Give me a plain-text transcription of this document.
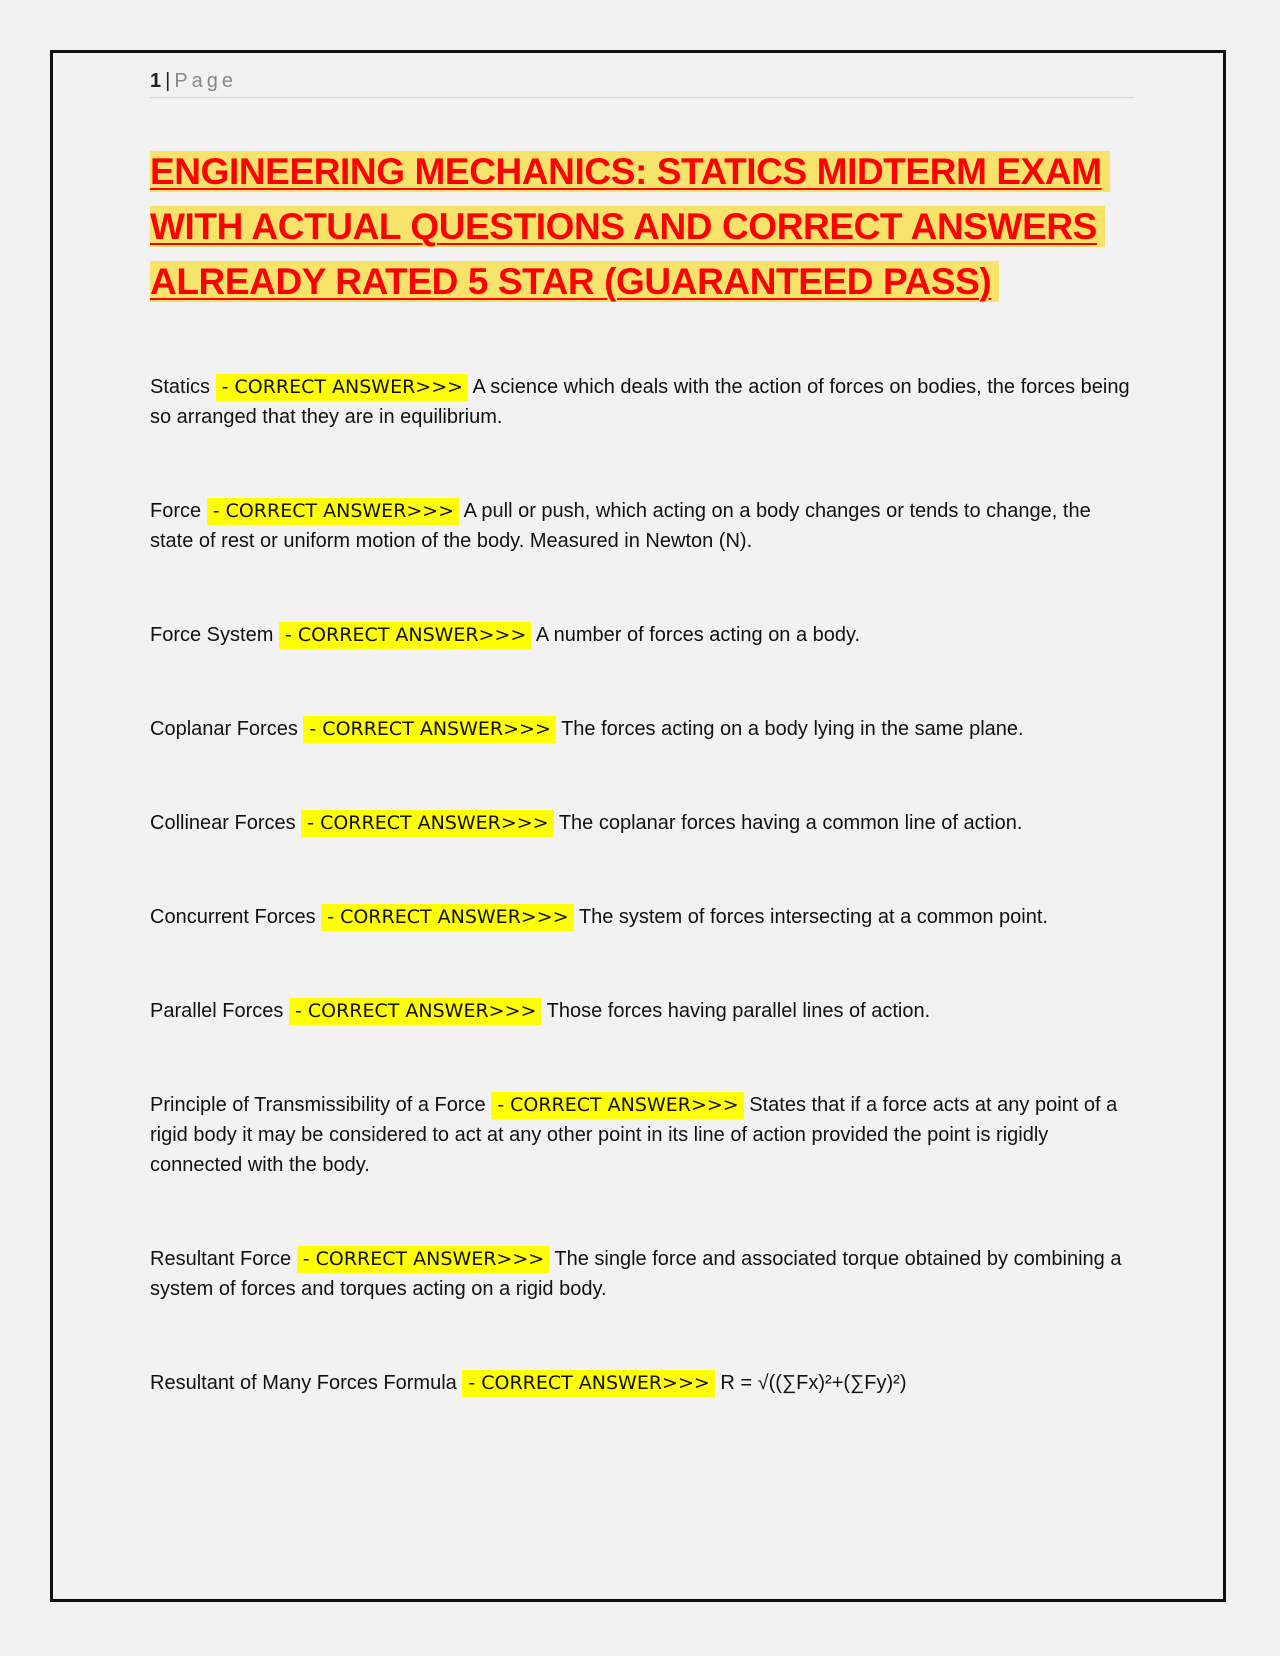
1 | Page
ENGINEERING MECHANICS: STATICS MIDTERM EXAM
WITH ACTUAL QUESTIONS AND CORRECT ANSWERS
ALREADY RATED 5 STAR (GUARANTEED PASS)

Statics - CORRECT ANSWER>>> A science which deals with the action of forces on bodies, the forces being so arranged that they are in equilibrium.

Force - CORRECT ANSWER>>> A pull or push, which acting on a body changes or tends to change, the state of rest or uniform motion of the body. Measured in Newton (N).

Force System - CORRECT ANSWER>>> A number of forces acting on a body.

Coplanar Forces - CORRECT ANSWER>>> The forces acting on a body lying in the same plane.

Collinear Forces - CORRECT ANSWER>>> The coplanar forces having a common line of action.

Concurrent Forces - CORRECT ANSWER>>> The system of forces intersecting at a common point.

Parallel Forces - CORRECT ANSWER>>> Those forces having parallel lines of action.

Principle of Transmissibility of a Force - CORRECT ANSWER>>> States that if a force acts at any point of a rigid body it may be considered to act at any other point in its line of action provided the point is rigidly connected with the body.

Resultant Force - CORRECT ANSWER>>> The single force and associated torque obtained by combining a system of forces and torques acting on a rigid body.

Resultant of Many Forces Formula - CORRECT ANSWER>>> R = √((∑Fx)²+(∑Fy)²)
